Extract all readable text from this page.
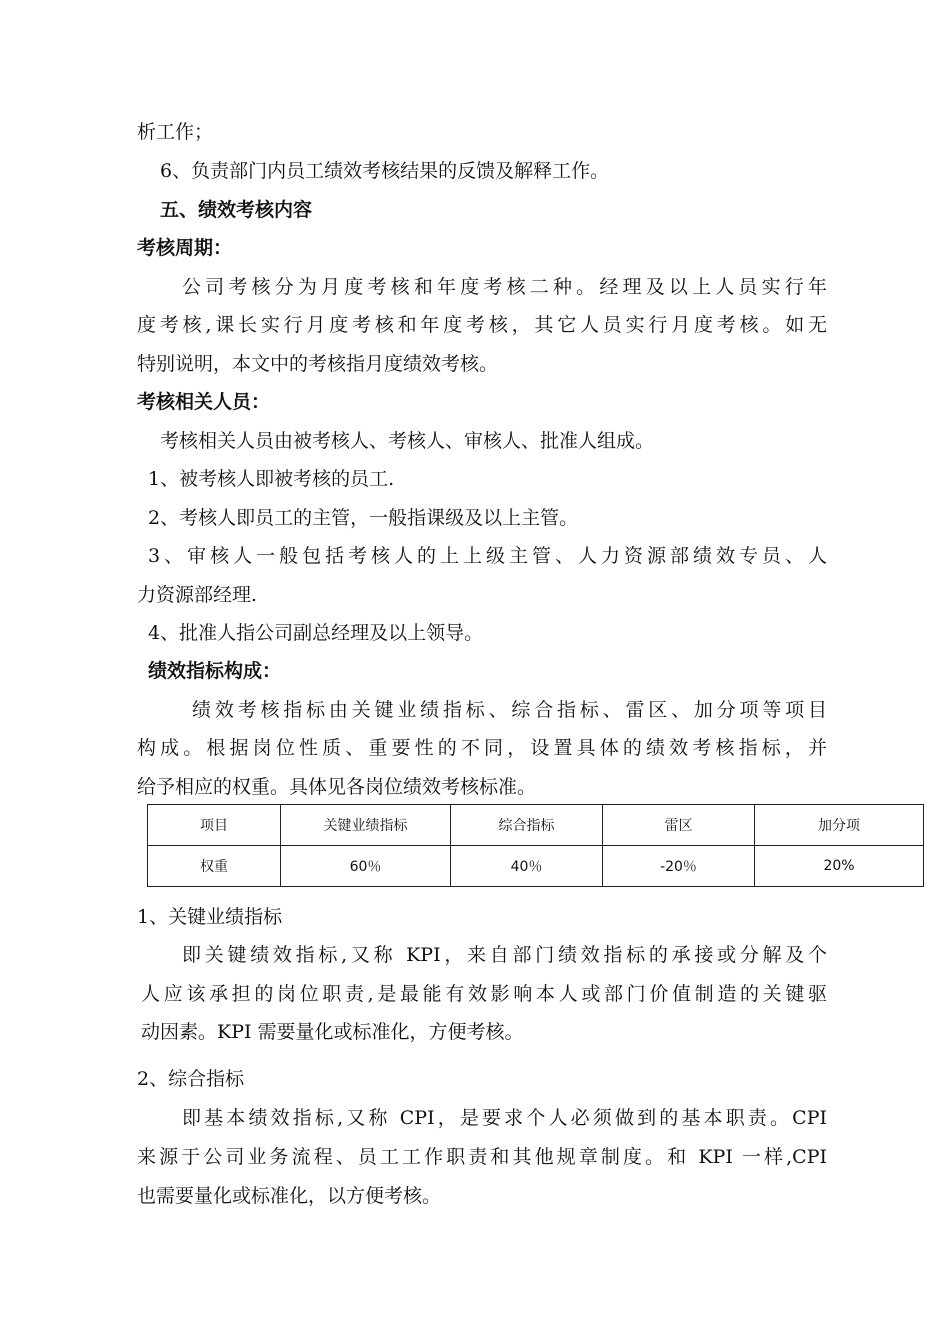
析工作；
6、负责部门内员工绩效考核结果的反馈及解释工作。
五、绩效考核内容
考核周期：
公司考核分为月度考核和年度考核二种。经理及以上人员实行年
度考核,课长实行月度考核和年度考核，其它人员实行月度考核。如无
特别说明，本文中的考核指月度绩效考核。
考核相关人员：
考核相关人员由被考核人、考核人、审核人、批准人组成。
1、被考核人即被考核的员工.
2、考核人即员工的主管，一般指课级及以上主管。
3、审核人一般包括考核人的上上级主管、人力资源部绩效专员、人
力资源部经理.
4、批准人指公司副总经理及以上领导。
绩效指标构成：
绩效考核指标由关键业绩指标、综合指标、雷区、加分项等项目
构成。根据岗位性质、重要性的不同，设置具体的绩效考核指标，并
给予相应的权重。具体见各岗位绩效考核标准。
项目	关键业绩指标	综合指标	雷区	加分项
权重	60％	40％	-20％	20%
1、关键业绩指标
即关键绩效指标,又称 KPI，来自部门绩效指标的承接或分解及个
人应该承担的岗位职责,是最能有效影响本人或部门价值制造的关键驱
动因素。KPI 需要量化或标准化，方便考核。
2、综合指标
即基本绩效指标,又称 CPI，是要求个人必须做到的基本职责。CPI
来源于公司业务流程、员工工作职责和其他规章制度。和 KPI 一样,CPI
也需要量化或标准化，以方便考核。
